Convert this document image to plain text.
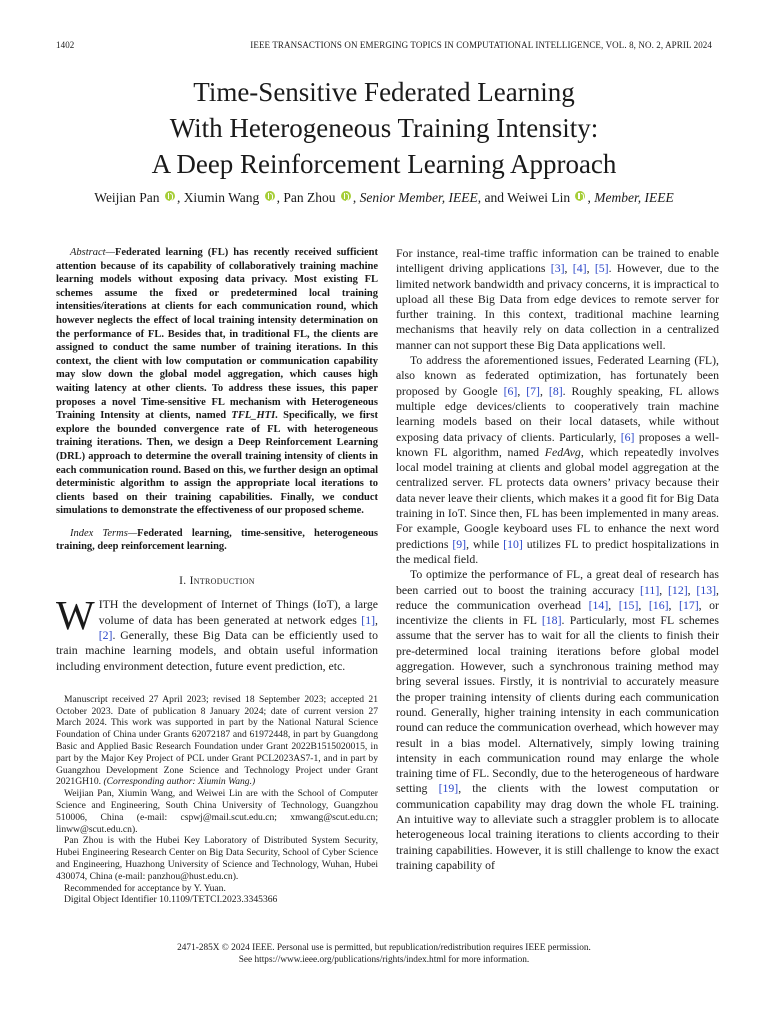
1402	IEEE TRANSACTIONS ON EMERGING TOPICS IN COMPUTATIONAL INTELLIGENCE, VOL. 8, NO. 2, APRIL 2024
Time-Sensitive Federated Learning
With Heterogeneous Training Intensity:
A Deep Reinforcement Learning Approach
Weijian Pan , Xiumin Wang , Pan Zhou , Senior Member, IEEE, and Weiwei Lin , Member, IEEE

Abstract—Federated learning (FL) has recently received sufficient attention because of its capability of collaboratively training machine learning models without exposing data privacy. Most existing FL schemes assume the fixed or predetermined local training intensities/iterations at clients for each communication round, which however neglects the effect of local training intensity determination on the performance of FL. Besides that, in traditional FL, the clients are assigned to conduct the same number of training iterations. In this context, the client with low computation or communication capability may slow down the global model aggregation, which causes high waiting latency at other clients. To address these issues, this paper proposes a novel Time-sensitive FL mechanism with Heterogeneous Training Intensity at clients, named TFL_HTI. Specifically, we first explore the bounded convergence rate of FL with heterogeneous training iterations. Then, we design a Deep Reinforcement Learning (DRL) approach to determine the overall training intensity of clients in each communication round. Based on this, we further design an optimal deterministic algorithm to assign the appropriate local iterations to clients based on their training capabilities. Finally, we conduct simulations to demonstrate the effectiveness of our proposed scheme.

Index Terms—Federated learning, time-sensitive, heterogeneous training, deep reinforcement learning.

I. Introduction

WITH the development of Internet of Things (IoT), a large volume of data has been generated at network edges [1], [2]. Generally, these Big Data can be efficiently used to train machine learning models, and obtain useful information including environment detection, future event prediction, etc.

Manuscript received 27 April 2023; revised 18 September 2023; accepted 21 October 2023. Date of publication 8 January 2024; date of current version 27 March 2024. This work was supported in part by the National Natural Science Foundation of China under Grants 62072187 and 61972448, in part by Guangdong Basic and Applied Basic Research Foundation under Grant 2022B1515020015, in part by the Major Key Project of PCL under Grant PCL2023AS7-1, and in part by Guangzhou Development Zone Science and Technology Project under Grant 2021GH10. (Corresponding author: Xiumin Wang.)

Weijian Pan, Xiumin Wang, and Weiwei Lin are with the School of Computer Science and Engineering, South China University of Technology, Guangzhou 510006, China (e-mail: cspwj@mail.scut.edu.cn; xmwang@scut.edu.cn; linww@scut.edu.cn).

Pan Zhou is with the Hubei Key Laboratory of Distributed System Security, Hubei Engineering Research Center on Big Data Security, School of Cyber Science and Engineering, Huazhong University of Science and Technology, Wuhan, Hubei 430074, China (e-mail: panzhou@hust.edu.cn).

Recommended for acceptance by Y. Yuan.

Digital Object Identifier 10.1109/TETCI.2023.3345366

For instance, real-time traffic information can be trained to enable intelligent driving applications [3], [4], [5]. However, due to the limited network bandwidth and privacy concerns, it is impractical to upload all these Big Data from edge devices to remote server for further training. In this context, traditional machine learning mechanisms that heavily rely on data collection in a centralized manner can not support these Big Data applications well.

To address the aforementioned issues, Federated Learning (FL), also known as federated optimization, has fortunately been proposed by Google [6], [7], [8]. Roughly speaking, FL allows multiple edge devices/clients to cooperatively train machine learning models based on their local datasets, while without exposing data privacy of clients. Particularly, [6] proposes a well-known FL algorithm, named FedAvg, which repeatedly involves local model training at clients and global model aggregation at the centralized server. FL protects data owners’ privacy because their data never leave their clients, which makes it a good fit for Big Data training in IoT. Since then, FL has been implemented in many areas. For example, Google keyboard uses FL to enhance the next word predictions [9], while [10] utilizes FL to predict hospitalizations in the medical field.

To optimize the performance of FL, a great deal of research has been carried out to boost the training accuracy [11], [12], [13], reduce the communication overhead [14], [15], [16], [17], or incentivize the clients in FL [18]. Particularly, most FL schemes assume that the server has to wait for all the clients to finish their pre-determined local training iterations before global model aggregation. However, such a synchronous training method may bring several issues. Firstly, it is nontrivial to accurately measure the proper training intensity of clients during each communication round. Generally, higher training intensity in each communication round can reduce the communication overhead, which however may result in a bias model. Alternatively, simply lowing training intensity in each communication round may enlarge the whole training time of FL. Secondly, due to the heterogeneous of hardware setting [19], the clients with the lowest computation or communication capability may drag down the whole FL training. An intuitive way to alleviate such a straggler problem is to allocate heterogeneous local training iterations to clients according to their training capabilities. However, it is still challenge to know the exact training capability of

2471-285X © 2024 IEEE. Personal use is permitted, but republication/redistribution requires IEEE permission.
See https://www.ieee.org/publications/rights/index.html for more information.
